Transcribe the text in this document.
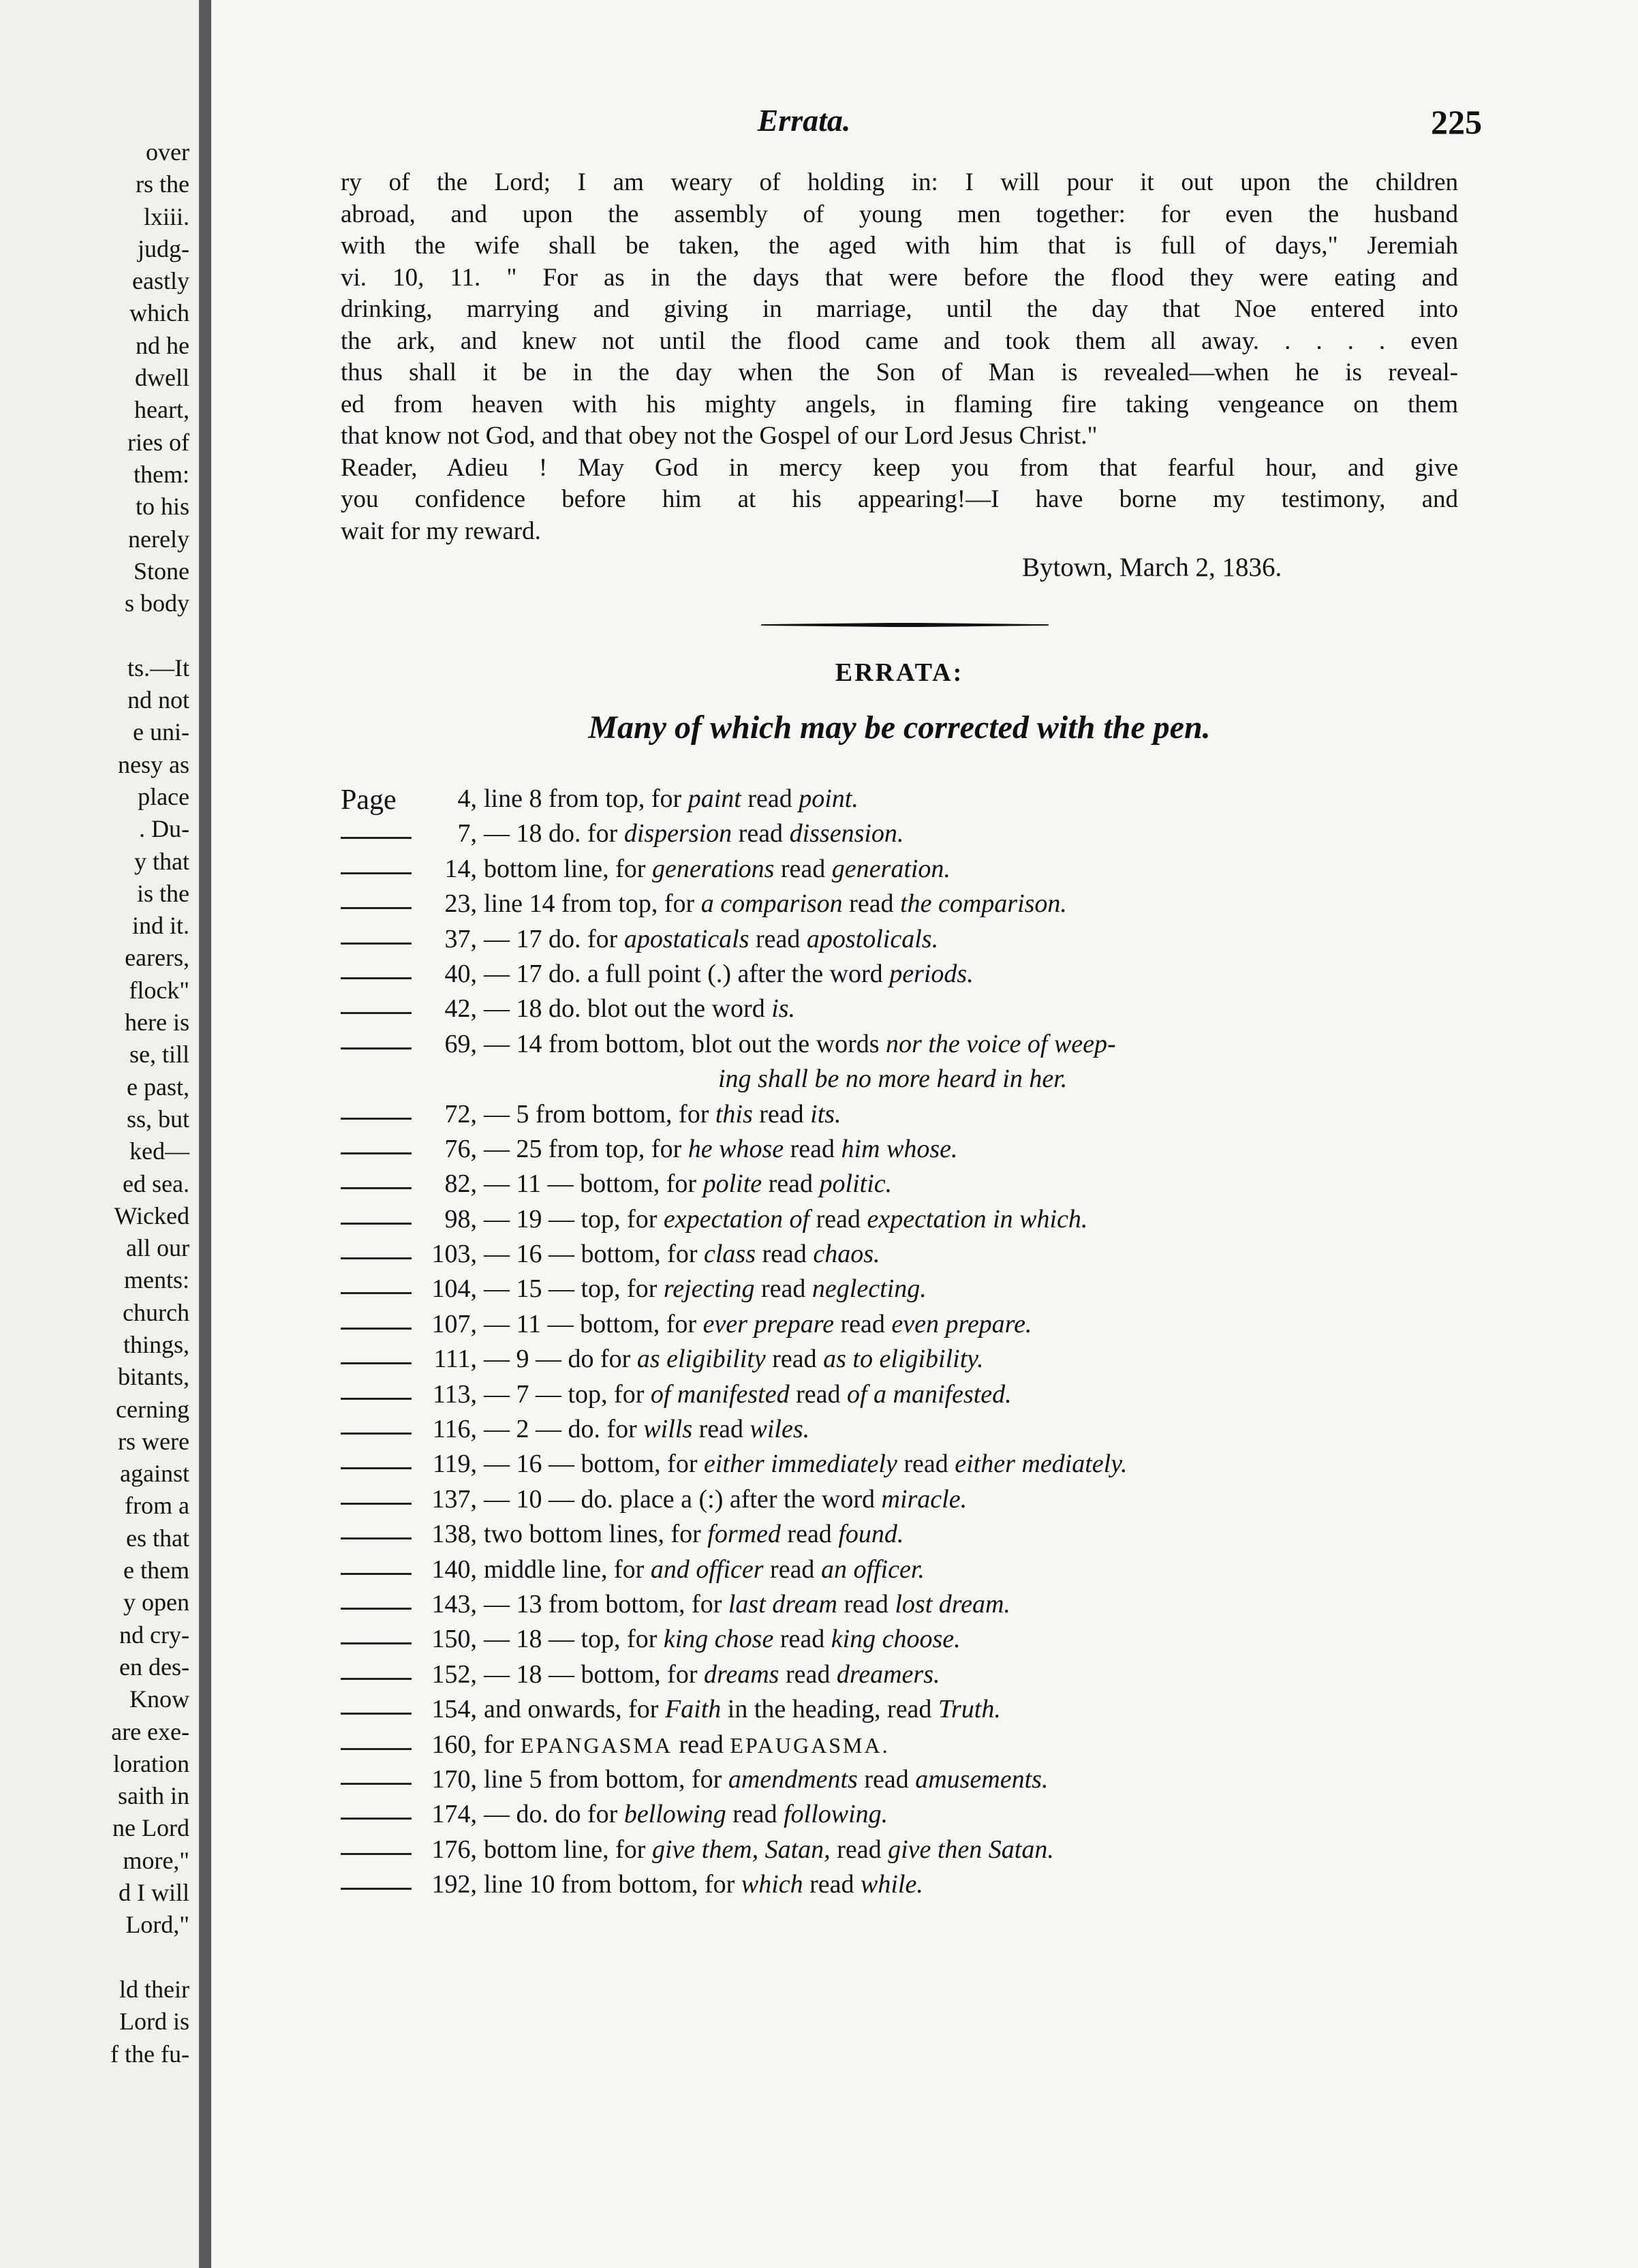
over
rs the
lxiii.
judg-
eastly
which
nd he
dwell
heart,
ries of
them:
to his
nerely
Stone
s body

ts.—It
nd not
e uni-
nesy as
place
. Du-
y that
is the
ind it.
earers,
flock"
here is
se, till
e past,
ss, but
ked—
ed sea.
Wicked
all our
ments:
church
things,
bitants,
cerning
rs were
against
from a
es that
e them
y open
nd cry-
en des-
Know
are exe-
loration
saith in
ne Lord
more,"
d I will
Lord,"

ld their
Lord is
f the fu-
Errata.	225
ry of the Lord; I am weary of holding in: I will pour it out upon the children
abroad, and upon the assembly of young men together: for even the husband
with the wife shall be taken, the aged with him that is full of days," Jeremiah
vi. 10, 11. " For as in the days that were before the flood they were eating and
drinking, marrying and giving in marriage, until the day that Noe entered into
the ark, and knew not until the flood came and took them all away. . . . . even
thus shall it be in the day when the Son of Man is revealed—when he is reveal-
ed from heaven with his mighty angels, in flaming fire taking vengeance on them
that know not God, and that obey not the Gospel of our Lord Jesus Christ."
Reader, Adieu ! May God in mercy keep you from that fearful hour, and give
you confidence before him at his appearing!—I have borne my testimony, and
wait for my reward.
Bytown, March 2, 1836.
ERRATA:
Many of which may be corrected with the pen.
Page	4, line 8 from top, for paint read point.
7, — 18 do. for dispersion read dissension.
14, bottom line, for generations read generation.
23, line 14 from top, for a comparison read the comparison.
37, — 17 do. for apostaticals read apostolicals.
40, — 17 do. a full point (.) after the word periods.
42, — 18 do. blot out the word is.
69, — 14 from bottom, blot out the words nor the voice of weep-
ing shall be no more heard in her.
72, — 5 from bottom, for this read its.
76, — 25 from top, for he whose read him whose.
82, — 11 — bottom, for polite read politic.
98, — 19 — top, for expectation of read expectation in which.
103, — 16 — bottom, for class read chaos.
104, — 15 — top, for rejecting read neglecting.
107, — 11 — bottom, for ever prepare read even prepare.
111, — 9 — do for as eligibility read as to eligibility.
113, — 7 — top, for of manifested read of a manifested.
116, — 2 — do. for wills read wiles.
119, — 16 — bottom, for either immediately read either mediately.
137, — 10 — do. place a (:) after the word miracle.
138, two bottom lines, for formed read found.
140, middle line, for and officer read an officer.
143, — 13 from bottom, for last dream read lost dream.
150, — 18 — top, for king chose read king choose.
152, — 18 — bottom, for dreams read dreamers.
154, and onwards, for Faith in the heading, read Truth.
160, for EPANGASMA read EPAUGASMA.
170, line 5 from bottom, for amendments read amusements.
174, — do. do for bellowing read following.
176, bottom line, for give them, Satan, read give then Satan.
192, line 10 from bottom, for which read while.
